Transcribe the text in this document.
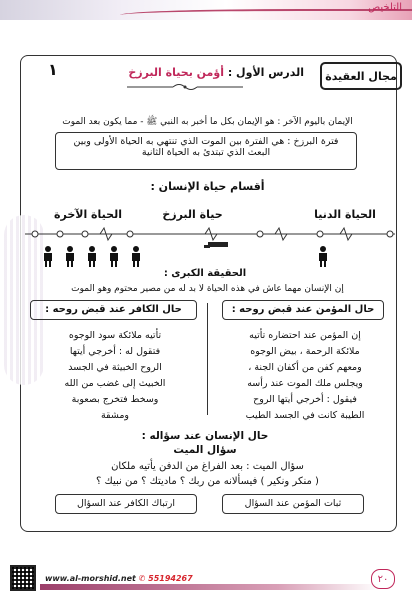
التلخيص
مجال العقيدة
الدرس الأول : أؤمن بحياة البرزخ
١
الإيمان باليوم الآخر : هو الإيمان بكل ما أخبر به النبي ﷺ - مما يكون بعد الموت
فترة البرزخ : هي الفترة بين الموت الذي تنتهي به الحياة الأولى وبين
البعث الذي تبتدئ به الحياة الثانية
أقسام حياة الإنسان :
الحياة الدنيا
حياة البرزخ
الحياة الآخرة
الحقيقة الكبرى :
إن الإنسان مهما عاش في هذه الحياة لا بد له من مصير محتوم وهو الموت
حال المؤمن عند قبض روحه :
حال الكافر عند قبض روحه :
إن المؤمن عند احتضاره تأتيه
ملائكة الرحمة ، بيض الوجوه
ومعهم كفن من أكفان الجنة ،
ويجلس ملك الموت عند رأسه
فيقول : أخرجي أيتها الروح
الطيبة كانت في الجسد الطيب
تأتيه ملائكة سود الوجوه
فتقول له : أخرجي أيتها
الروح الخبيثة في الجسد
الخبيث إلى غضب من الله
وسخط فتخرج بصعوبة
ومشقة
حال الإنسان عند سؤاله :
سؤال الميت
سؤال الميت : بعد الفراغ من الدفن يأتيه ملكان
( منكر ونكير ) فيسألانه من ربك ؟ ماديتك ؟ من نبيك ؟
ثبات المؤمن عند السؤال
ارتباك الكافر عند السؤال
www.al-morshid.net ✆ 55194267	٢٠
